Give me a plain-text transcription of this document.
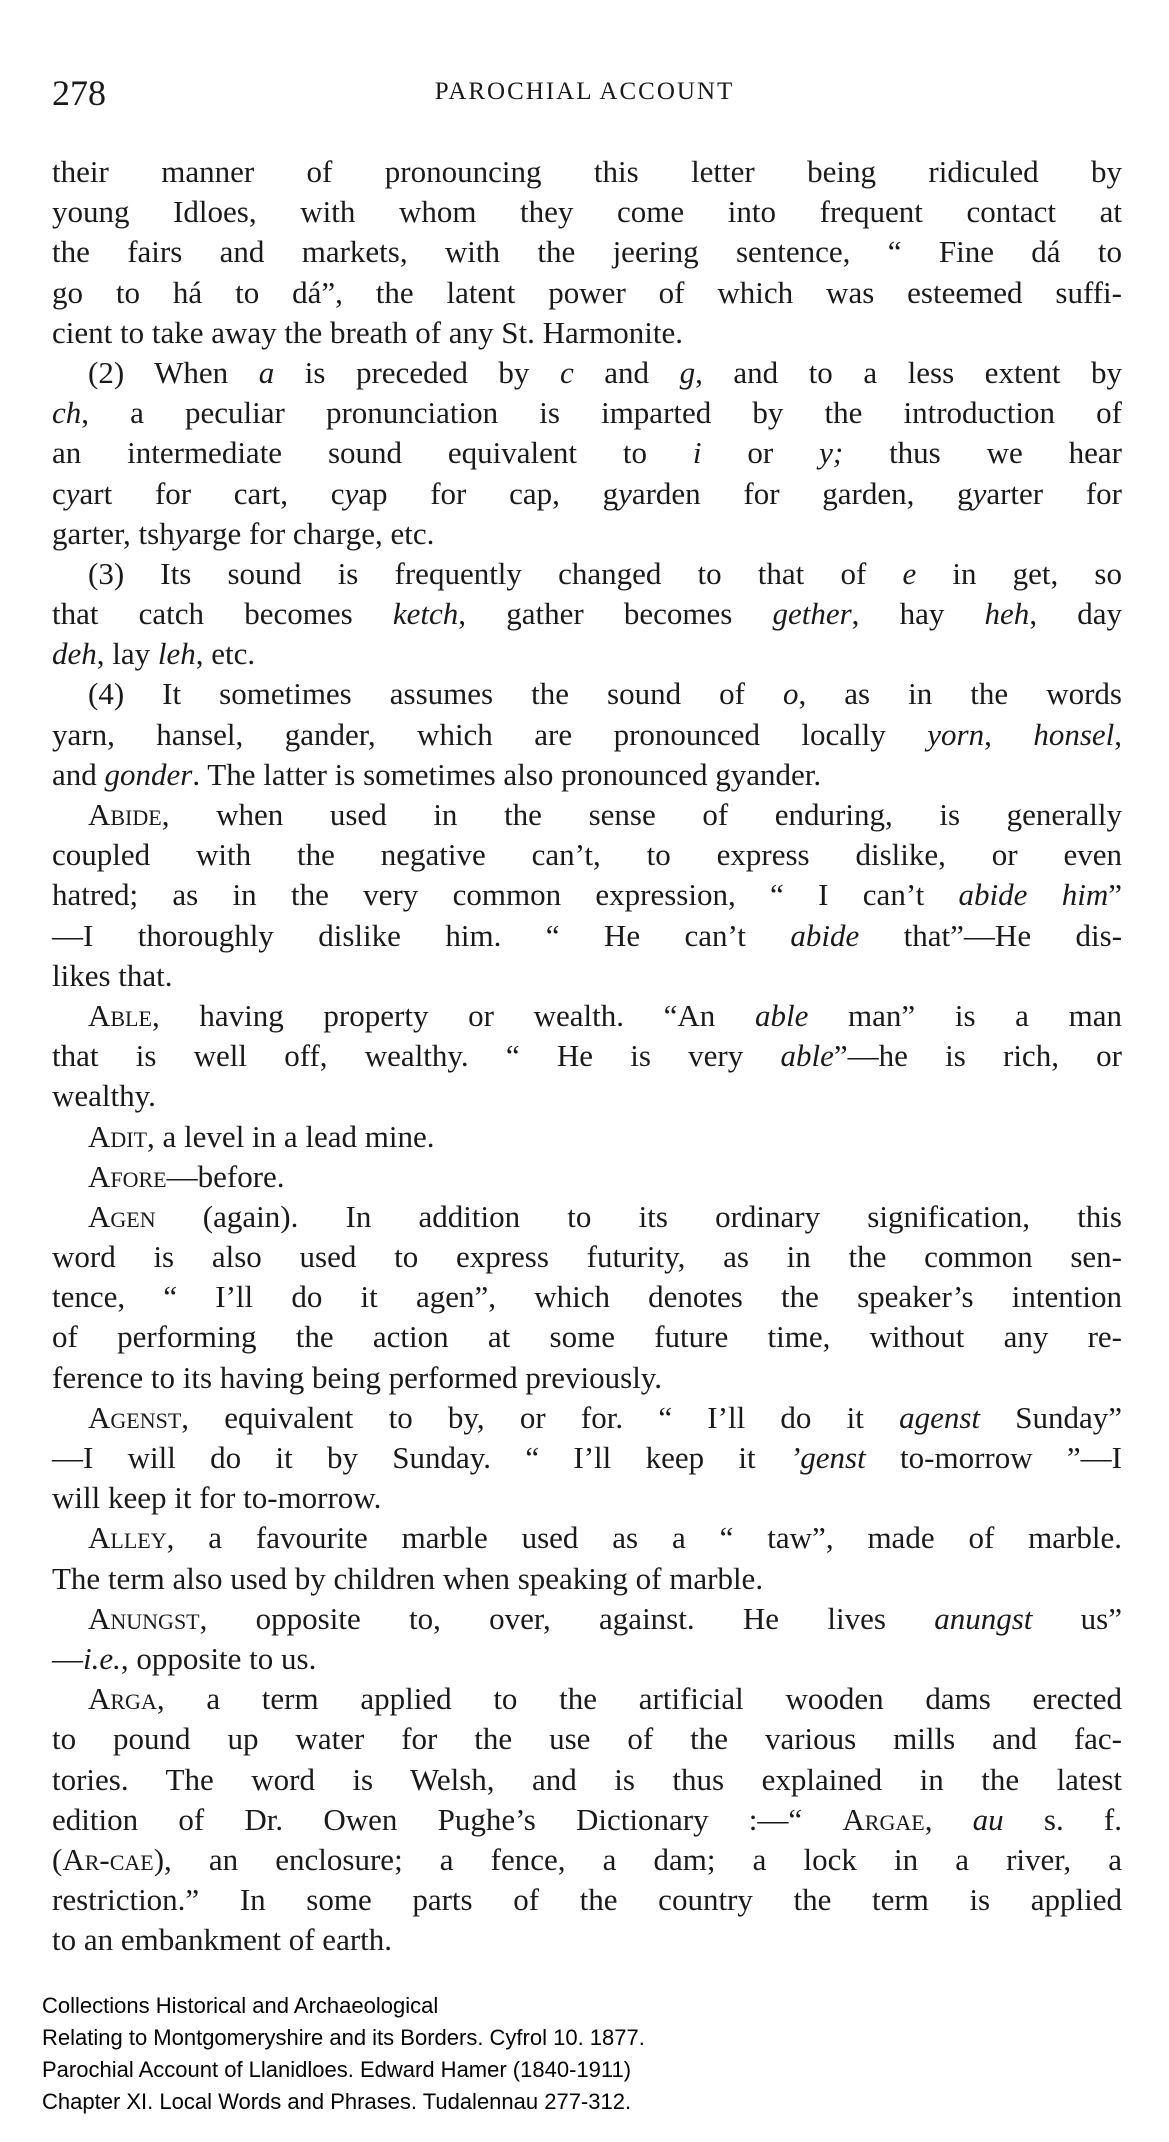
278	PAROCHIAL ACCOUNT
their manner of pronouncing this letter being ridiculed by
young Idloes, with whom they come into frequent contact at
the fairs and markets, with the jeering sentence, “ Fine dá to
go to há to dá”, the latent power of which was esteemed suffi-
cient to take away the breath of any St. Harmonite.
(2) When a is preceded by c and g, and to a less extent by
ch, a peculiar pronunciation is imparted by the introduction of
an intermediate sound equivalent to i or y; thus we hear
cyart for cart, cyap for cap, gyarden for garden, gyarter for
garter, tshyarge for charge, etc.
(3) Its sound is frequently changed to that of e in get, so
that catch becomes ketch, gather becomes gether, hay heh, day
deh, lay leh, etc.
(4) It sometimes assumes the sound of o, as in the words
yarn, hansel, gander, which are pronounced locally yorn, honsel,
and gonder. The latter is sometimes also pronounced gyander.
Abide, when used in the sense of enduring, is generally
coupled with the negative can’t, to express dislike, or even
hatred; as in the very common expression, “ I can’t abide him”
—I thoroughly dislike him. “ He can’t abide that”—He dis-
likes that.
Able, having property or wealth. “An able man” is a man
that is well off, wealthy. “ He is very able”—he is rich, or
wealthy.
Adit, a level in a lead mine.
Afore—before.
Agen (again). In addition to its ordinary signification, this
word is also used to express futurity, as in the common sen-
tence, “ I’ll do it agen”, which denotes the speaker’s intention
of performing the action at some future time, without any re-
ference to its having being performed previously.
Agenst, equivalent to by, or for. “ I’ll do it agenst Sunday”
—I will do it by Sunday. “ I’ll keep it ’genst to-morrow ”—I
will keep it for to-morrow.
Alley, a favourite marble used as a “ taw”, made of marble.
The term also used by children when speaking of marble.
Anungst, opposite to, over, against. He lives anungst us”
—i.e., opposite to us.
Arga, a term applied to the artificial wooden dams erected
to pound up water for the use of the various mills and fac-
tories. The word is Welsh, and is thus explained in the latest
edition of Dr. Owen Pughe’s Dictionary :—“ Argae, au s. f.
(Ar-cae), an enclosure; a fence, a dam; a lock in a river, a
restriction.” In some parts of the country the term is applied
to an embankment of earth.
Collections Historical and Archaeological
Relating to Montgomeryshire and its Borders. Cyfrol 10. 1877.
Parochial Account of Llanidloes. Edward Hamer (1840-1911)
Chapter XI. Local Words and Phrases. Tudalennau 277-312.
